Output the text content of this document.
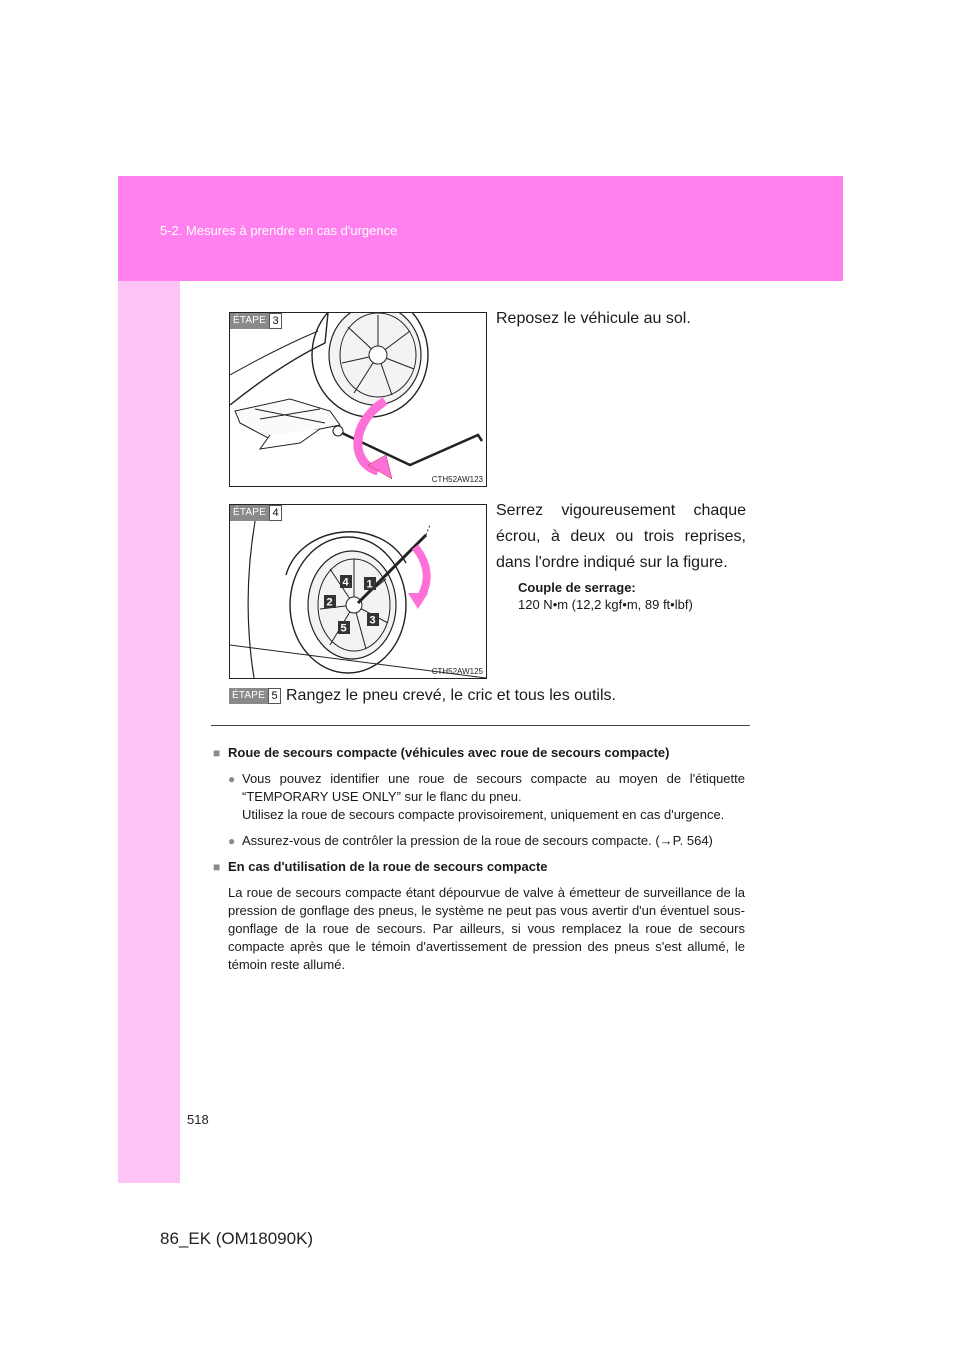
5-2. Mesures à prendre en cas d'urgence
ÉTAPE 3
CTH52AW123
Reposez le véhicule au sol.
1
2
3
4
5
ÉTAPE 4
CTH52AW125
Serrez vigoureusement chaque écrou, à deux ou trois reprises, dans l'ordre indiqué sur la figure.
Couple de serrage:
120 N•m (12,2 kgf•m, 89 ft•lbf)
ÉTAPE 5 Rangez le pneu crevé, le cric et tous les outils.
■ Roue de secours compacte (véhicules avec roue de secours compacte)
● Vous pouvez identifier une roue de secours compacte au moyen de l'étiquette “TEMPORARY USE ONLY” sur le flanc du pneu.
Utilisez la roue de secours compacte provisoirement, uniquement en cas d'urgence.
● Assurez-vous de contrôler la pression de la roue de secours compacte. (→P. 564)
■ En cas d'utilisation de la roue de secours compacte
La roue de secours compacte étant dépourvue de valve à émetteur de surveillance de la pression de gonflage des pneus, le système ne peut pas vous avertir d'un éventuel sous-gonflage de la roue de secours. Par ailleurs, si vous remplacez la roue de secours compacte après que le témoin d'avertissement de pression des pneus s'est allumé, le témoin reste allumé.
518
86_EK (OM18090K)
